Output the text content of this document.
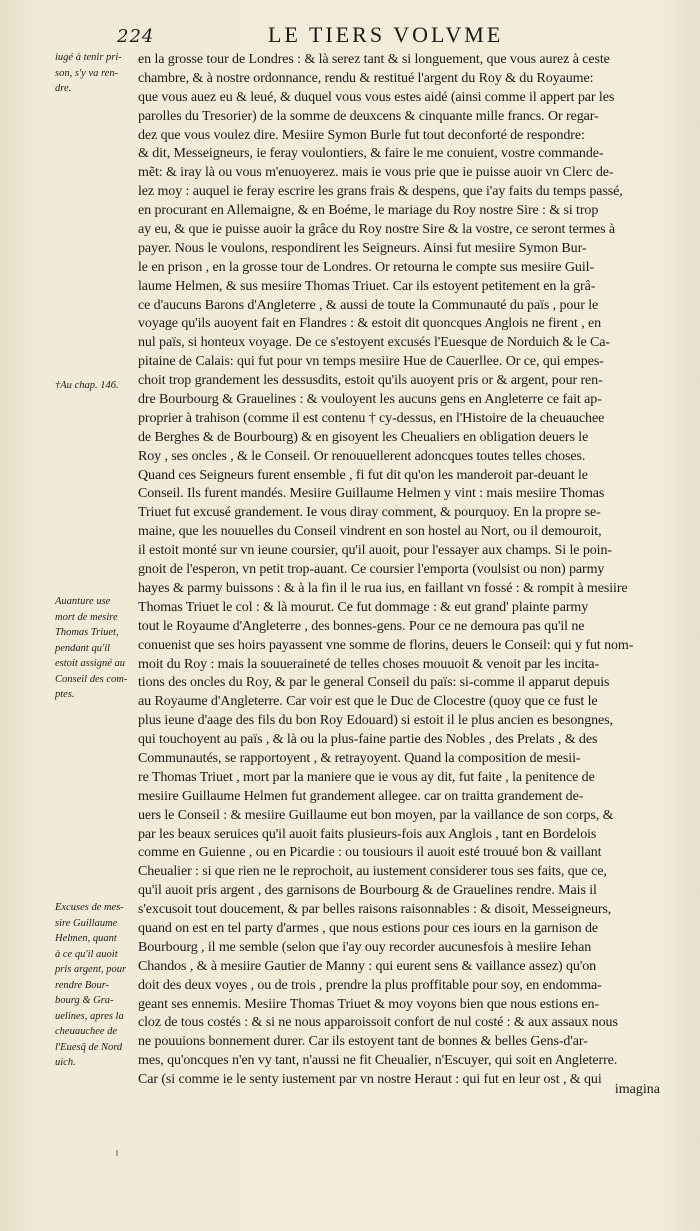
224	LE TIERS VOLVME
iugé à tenir pri-
son, s'y va ren-
dre.
†Au chap. 146.
Auanture use
mort de mesire
Thomas Triuet,
pendant qu'il
estoit assigné au
Conseil des com-
ptes.
Excuses de mes-
sire Guillaume
Helmen, quant
à ce qu'il auoit
pris argent, pour
rendre Bour-
bourg & Gra-
uelines, apres la
cheuauchee de
l'Euesq̃ de Nord
uich.
en la grosse tour de Londres : & là serez tant & si longuement, que vous aurez à ceste
chambre, & à nostre ordonnance, rendu & restitué l'argent du Roy & du Royaume:
que vous auez eu & leué, & duquel vous vous estes aidé (ainsi comme il appert par les
parolles du Tresorier) de la somme de deuxcens & cinquante mille francs. Or regar-
dez que vous voulez dire. Mesiire Symon Burle fut tout deconforté de respondre:
& dit, Messeigneurs, ie feray voulontiers, & faire le me conuient, vostre commande-
mẽt: & iray là ou vous m'enuoyerez. mais ie vous prie que ie puisse auoir vn Clerc de-
lez moy : auquel ie feray escrire les grans frais & despens, que i'ay faits du temps passé,
en procurant en Allemaigne, & en Boéme, le mariage du Roy nostre Sire : & si trop
ay eu, & que ie puisse auoir la grâce du Roy nostre Sire & la vostre, ce seront termes à
payer. Nous le voulons, respondirent les Seigneurs. Ainsi fut mesiire Symon Bur-
le en prison , en la grosse tour de Londres. Or retourna le compte sus mesiire Guil-
laume Helmen, & sus mesiire Thomas Triuet. Car ils estoyent petitement en la grâ-
ce d'aucuns Barons d'Angleterre , & aussi de toute la Communauté du païs , pour le
voyage qu'ils auoyent fait en Flandres : & estoit dit quoncques Anglois ne firent , en
nul païs, si honteux voyage. De ce s'estoyent excusés l'Euesque de Norduich & le Ca-
pitaine de Calais: qui fut pour vn temps mesiire Hue de Cauerllee. Or ce, qui empes-
choit trop grandement les dessusdits, estoit qu'ils auoyent pris or & argent, pour ren-
dre Bourbourg & Grauelines : & vouloyent les aucuns gens en Angleterre ce fait ap-
proprier à trahison (comme il est contenu † cy-dessus, en l'Histoire de la cheuauchee
de Berghes & de Bourbourg) & en gisoyent les Cheualiers en obligation deuers le
Roy , ses oncles , & le Conseil. Or renouuellerent adoncques toutes telles choses.
Quand ces Seigneurs furent ensemble , fi fut dit qu'on les manderoit par-deuant le
Conseil. Ils furent mandés. Mesiire Guillaume Helmen y vint : mais mesiire Thomas
Triuet fut excusé grandement. Ie vous diray comment, & pourquoy. En la propre se-
maine, que les nouuelles du Conseil vindrent en son hostel au Nort, ou il demouroit,
il estoit monté sur vn ieune coursier, qu'il auoit, pour l'essayer aux champs. Si le poin-
gnoit de l'esperon, vn petit trop-auant. Ce coursier l'emporta (voulsist ou non) parmy
hayes & parmy buissons : & à la fin il le rua ius, en faillant vn fossé : & rompit à mesiire
Thomas Triuet le col : & là mourut. Ce fut dommage : & eut grand' plainte parmy
tout le Royaume d'Angleterre , des bonnes-gens. Pour ce ne demoura pas qu'il ne
conuenist que ses hoirs payassent vne somme de florins, deuers le Conseil: qui y fut nom-
moit du Roy : mais la souueraineté de telles choses mouuoit & venoit par les incita-
tions des oncles du Roy, & par le general Conseil du païs: si-comme il apparut depuis
au Royaume d'Angleterre. Car voir est que le Duc de Clocestre (quoy que ce fust le
plus ieune d'aage des fils du bon Roy Edouard) si estoit il le plus ancien es besongnes,
qui touchoyent au païs , & là ou la plus-faine partie des Nobles , des Prelats , & des
Communautés, se rapportoyent , & retrayoyent. Quand la composition de mesii-
re Thomas Triuet , mort par la maniere que ie vous ay dit, fut faite , la penitence de
mesiire Guillaume Helmen fut grandement allegee. car on traitta grandement de-
uers le Conseil : & mesiire Guillaume eut bon moyen, par la vaillance de son corps, &
par les beaux seruices qu'il auoit faits plusieurs-fois aux Anglois , tant en Bordelois
comme en Guienne , ou en Picardie : ou tousiours il auoit esté trouué bon & vaillant
Cheualier : si que rien ne le reprochoit, au iustement considerer tous ses faits, que ce,
qu'il auoit pris argent , des garnisons de Bourbourg & de Grauelines rendre. Mais il
s'excusoit tout doucement, & par belles raisons raisonnables : & disoit, Messeigneurs,
quand on est en tel party d'armes , que nous estions pour ces iours en la garnison de
Bourbourg , il me semble (selon que i'ay ouy recorder aucunesfois à mesiire Iehan
Chandos , & à mesiire Gautier de Manny : qui eurent sens & vaillance assez) qu'on
doit des deux voyes , ou de trois , prendre la plus proffitable pour soy, en endomma-
geant ses ennemis. Mesiire Thomas Triuet & moy voyons bien que nous estions en-
cloz de tous costés : & si ne nous apparoissoit confort de nul costé : & aux assaux nous
ne pouuions bonnement durer. Car ils estoyent tant de bonnes & belles Gens-d'ar-
mes, qu'oncques n'en vy tant, n'aussi ne fit Cheualier, n'Escuyer, qui soit en Angleterre.
Car (si comme ie le senty iustement par vn nostre Heraut : qui fut en leur ost , & qui
imagina
